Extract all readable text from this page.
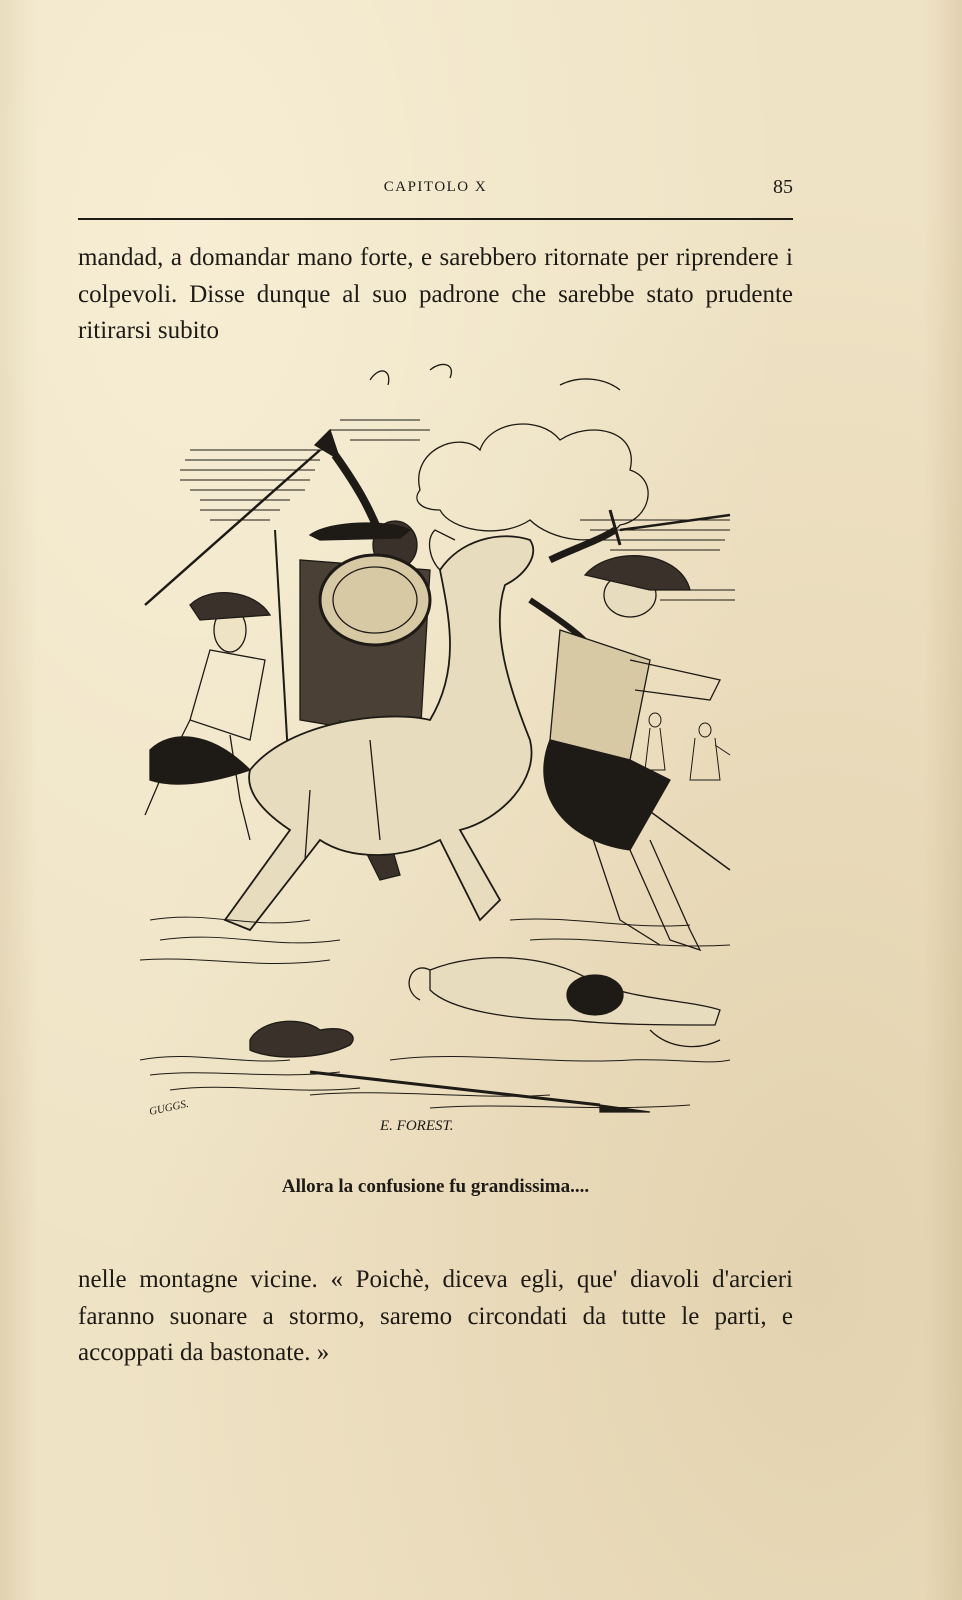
CAPITOLO X	85

mandad, a domandar mano forte, e sarebbero ritornate per riprendere i colpevoli. Disse dunque al suo padrone che sarebbe stato prudente ritirarsi subito

GUGGS.
E. FOREST.
Allora la confusione fu grandissima....

nelle montagne vicine. « Poichè, diceva egli, que' diavoli d'arcieri faranno suonare a stormo, saremo circondati da tutte le parti, e accoppati da bastonate. »
